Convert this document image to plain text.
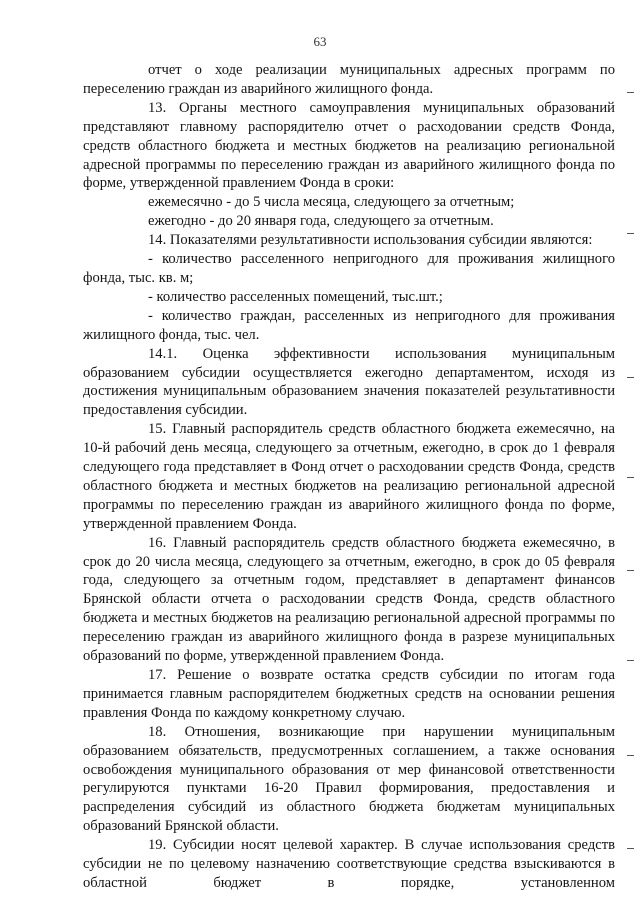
63

отчет о ходе реализации муниципальных адресных программ по переселению граждан из аварийного жилищного фонда.

13. Органы местного самоуправления муниципальных образований представляют главному распорядителю отчет о расходовании средств Фонда, средств областного бюджета и местных бюджетов на реализацию региональной адресной программы по переселению граждан из аварийного жилищного фонда по форме, утвержденной правлением Фонда в сроки:

ежемесячно - до 5 числа месяца, следующего за отчетным;

ежегодно - до 20 января года, следующего за отчетным.

14. Показателями результативности использования субсидии являются:

- количество расселенного непригодного для проживания жилищного фонда, тыс. кв. м;

- количество расселенных помещений, тыс.шт.;

- количество граждан, расселенных из непригодного для проживания жилищного фонда, тыс. чел.

14.1. Оценка эффективности использования муниципальным образованием субсидии осуществляется ежегодно департаментом, исходя из достижения муниципальным образованием значения показателей результативности предоставления субсидии.

15. Главный распорядитель средств областного бюджета ежемесячно, на 10-й рабочий день месяца, следующего за отчетным, ежегодно, в срок до 1 февраля следующего года представляет в Фонд отчет о расходовании средств Фонда, средств областного бюджета и местных бюджетов на реализацию региональной адресной программы по переселению граждан из аварийного жилищного фонда по форме, утвержденной правлением Фонда.

16. Главный распорядитель средств областного бюджета ежемесячно, в срок до 20 числа месяца, следующего за отчетным, ежегодно, в срок до 05 февраля года, следующего за отчетным годом, представляет в департамент финансов Брянской области отчета о расходовании средств Фонда, средств областного бюджета и местных бюджетов на реализацию региональной адресной программы по переселению граждан из аварийного жилищного фонда в разрезе муниципальных образований по форме, утвержденной правлением Фонда.

17. Решение о возврате остатка средств субсидии по итогам года принимается главным распорядителем бюджетных средств на основании решения правления Фонда по каждому конкретному случаю.

18. Отношения, возникающие при нарушении муниципальным образованием обязательств, предусмотренных соглашением, а также основания освобождения муниципального образования от мер финансовой ответственности регулируются пунктами 16-20 Правил формирования, предоставления и распределения субсидий из областного бюджета бюджетам муниципальных образований Брянской области.

19. Субсидии носят целевой характер. В случае использования средств субсидии не по целевому назначению соответствующие средства взыскиваются в областной бюджет в порядке, установленном
